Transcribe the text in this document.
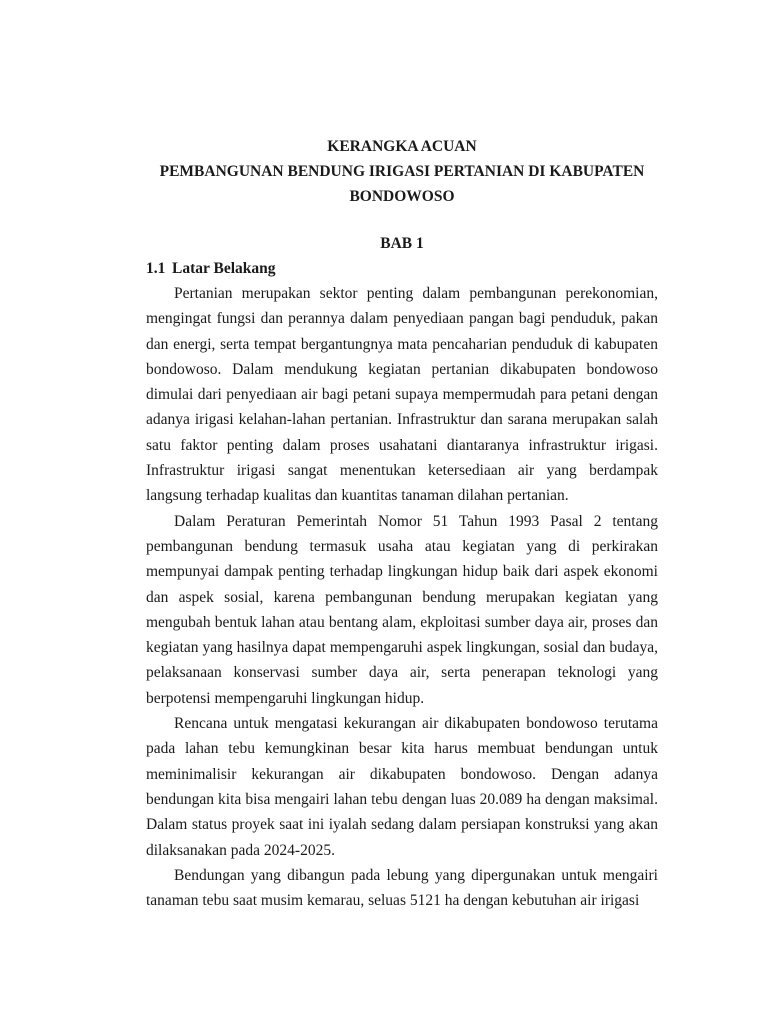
KERANGKA ACUAN

PEMBANGUNAN BENDUNG IRIGASI PERTANIAN DI KABUPATEN

BONDOWOSO

BAB 1

1.1 Latar Belakang

Pertanian merupakan sektor penting dalam pembangunan perekonomian, mengingat fungsi dan perannya dalam penyediaan pangan bagi penduduk, pakan dan energi, serta tempat bergantungnya mata pencaharian penduduk di kabupaten bondowoso. Dalam mendukung kegiatan pertanian dikabupaten bondowoso dimulai dari penyediaan air bagi petani supaya mempermudah para petani dengan adanya irigasi kelahan-lahan pertanian. Infrastruktur dan sarana merupakan salah satu faktor penting dalam proses usahatani diantaranya infrastruktur irigasi. Infrastruktur irigasi sangat menentukan ketersediaan air yang berdampak langsung terhadap kualitas dan kuantitas tanaman dilahan pertanian.

Dalam Peraturan Pemerintah Nomor 51 Tahun 1993 Pasal 2 tentang pembangunan bendung termasuk usaha atau kegiatan yang di perkirakan mempunyai dampak penting terhadap lingkungan hidup baik dari aspek ekonomi dan aspek sosial, karena pembangunan bendung merupakan kegiatan yang mengubah bentuk lahan atau bentang alam, ekploitasi sumber daya air, proses dan kegiatan yang hasilnya dapat mempengaruhi aspek lingkungan, sosial dan budaya, pelaksanaan konservasi sumber daya air, serta penerapan teknologi yang berpotensi mempengaruhi lingkungan hidup.

Rencana untuk mengatasi kekurangan air dikabupaten bondowoso terutama pada lahan tebu kemungkinan besar kita harus membuat bendungan untuk meminimalisir kekurangan air dikabupaten bondowoso. Dengan adanya bendungan kita bisa mengairi lahan tebu dengan luas 20.089 ha dengan maksimal. Dalam status proyek saat ini iyalah sedang dalam persiapan konstruksi yang akan dilaksanakan pada 2024-2025.

Bendungan yang dibangun pada lebung yang dipergunakan untuk mengairi tanaman tebu saat musim kemarau, seluas 5121 ha dengan kebutuhan air irigasi
